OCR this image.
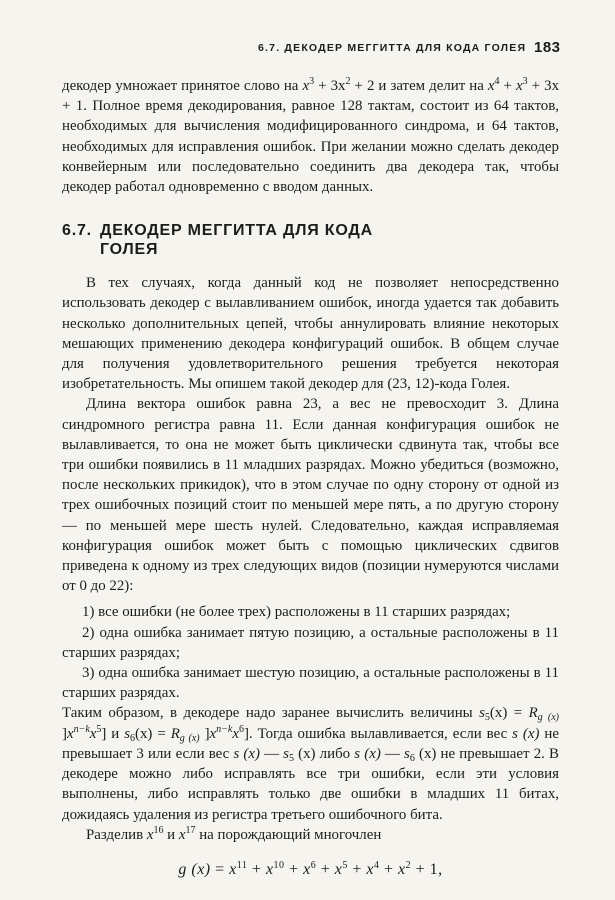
6.7. ДЕКОДЕР МЕГГИТТА ДЛЯ КОДА ГОЛЕЯ 183

декодер умножает принятое слово на $x^3 + 3x^2 + 2$ и затем делит на $x^4 + x^3 + 3x + 1$. Полное время декодирования, равное 128 тактам, состоит из 64 тактов, необходимых для вычисления модифицированного синдрома, и 64 тактов, необходимых для исправления ошибок. При желании можно сделать декодер конвейерным или последовательно соединить два декодера так, чтобы декодер работал одновременно с вводом данных.

6.7. ДЕКОДЕР МЕГГИТТА ДЛЯ КОДА
ГОЛЕЯ

В тех случаях, когда данный код не позволяет непосредственно использовать декодер с вылавливанием ошибок, иногда удается так добавить несколько дополнительных цепей, чтобы аннулировать влияние некоторых мешающих применению декодера конфигураций ошибок. В общем случае для получения удовлетворительного решения требуется некоторая изобретательность. Мы опишем такой декодер для (23, 12)-кода Голея.

Длина вектора ошибок равна 23, а вес не превосходит 3. Длина синдромного регистра равна 11. Если данная конфигурация ошибок не вылавливается, то она не может быть циклически сдвинута так, чтобы все три ошибки появились в 11 младших разрядах. Можно убедиться (возможно, после нескольких прикидок), что в этом случае по одну сторону от одной из трех ошибочных позиций стоит по меньшей мере пять, а по другую сторону — по меньшей мере шесть нулей. Следовательно, каждая исправляемая конфигурация ошибок может быть с помощью циклических сдвигов приведена к одному из трех следующих видов (позиции нумеруются числами от 0 до 22):

1) все ошибки (не более трех) расположены в 11 старших разрядах;

2) одна ошибка занимает пятую позицию, а остальные расположены в 11 старших разрядах;

3) одна ошибка занимает шестую позицию, а остальные расположены в 11 старших разрядах.

Таким образом, в декодере надо заранее вычислить величины $s_5(x) = R_{g (x)}$ ]$x^{n-k}x^5$] и $s_6(x) = R_{g (x)}$ ]$x^{n-k}x^6$]. Тогда ошибка вылавливается, если вес s (x) не превышает 3 или если вес s (x) — $s_5$ (x) либо s (x) — $s_6$ (x) не превышает 2. В декодере можно либо исправлять все три ошибки, если эти условия выполнены, либо исправлять только две ошибки в младших 11 битах, дожидаясь удаления из регистра третьего ошибочного бита.

Разделив $x^{16}$ и $x^{17}$ на порождающий многочлен

g $(x) = x^{11} + x^{10} + x^6 + x^5 + x^4 + x^2 + 1$,
